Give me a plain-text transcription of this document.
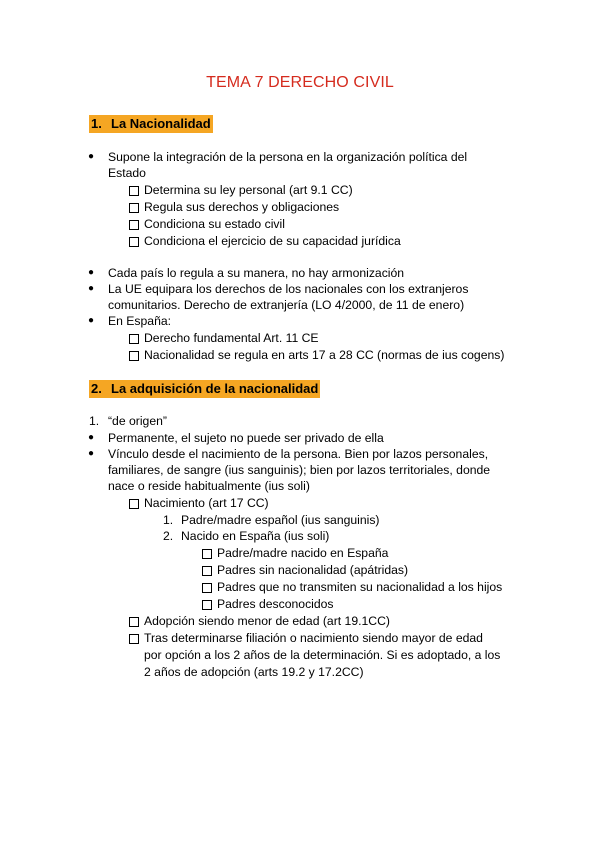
TEMA 7 DERECHO CIVIL
1. La Nacionalidad
● Supone la integración de la persona en la organización política del
Estado
Determina su ley personal (art 9.1 CC)
Regula sus derechos y obligaciones
Condiciona su estado civil
Condiciona el ejercicio de su capacidad jurídica
● Cada país lo regula a su manera, no hay armonización
● La UE equipara los derechos de los nacionales con los extranjeros
comunitarios. Derecho de extranjería (LO 4/2000, de 11 de enero)
● En España:
Derecho fundamental Art. 11 CE
Nacionalidad se regula en arts 17 a 28 CC (normas de ius cogens)
2. La adquisición de la nacionalidad
1. “de origen”
● Permanente, el sujeto no puede ser privado de ella
● Vínculo desde el nacimiento de la persona. Bien por lazos personales,
familiares, de sangre (ius sanguinis); bien por lazos territoriales, donde
nace o reside habitualmente (ius soli)
Nacimiento (art 17 CC)
1. Padre/madre español (ius sanguinis)
2. Nacido en España (ius soli)
Padre/madre nacido en España
Padres sin nacionalidad (apátridas)
Padres que no transmiten su nacionalidad a los hijos
Padres desconocidos
Adopción siendo menor de edad (art 19.1CC)
Tras determinarse filiación o nacimiento siendo mayor de edad
por opción a los 2 años de la determinación. Si es adoptado, a los
2 años de adopción (arts 19.2 y 17.2CC)
